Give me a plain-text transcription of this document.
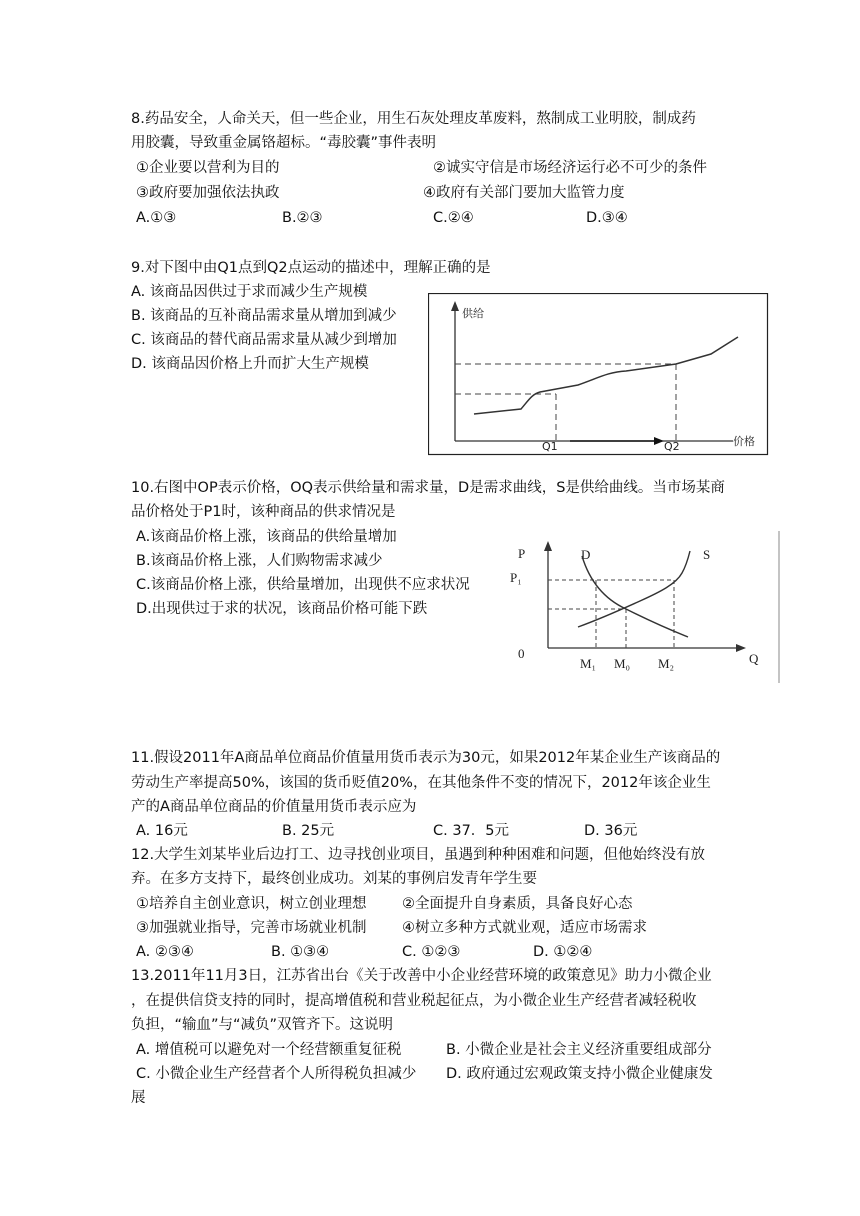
8.药品安全，人命关天，但一些企业，用生石灰处理皮革废料，熬制成工业明胶，制成药
用胶囊，导致重金属铬超标。“毒胶囊”事件表明
①企业要以营利为目的	②诚实守信是市场经济运行必不可少的条件
③政府要加强依法执政	④政府有关部门要加大监管力度
A.①③	B.②③	C.②④	D.③④
9.对下图中由Q1点到Q2点运动的描述中，理解正确的是
A. 该商品因供过于求而减少生产规模
B. 该商品的互补商品需求量从增加到减少
C. 该商品的替代商品需求量从减少到增加
D. 该商品因价格上升而扩大生产规模
供给
价格
Q1	Q2
10.右图中OP表示价格，OQ表示供给量和需求量，D是需求曲线，S是供给曲线。当市场某商
品价格处于P1时，该种商品的供求情况是
A.该商品价格上涨，该商品的供给量增加
B.该商品价格上涨，人们购物需求减少
C.该商品价格上涨，供给量增加，出现供不应求状况
D.出现供过于求的状况，该商品价格可能下跌
P
P₁
0
D	S
Q
M₁ M₀ M₂
11.假设2011年A商品单位商品价值量用货币表示为30元，如果2012年某企业生产该商品的
劳动生产率提高50%，该国的货币贬值20%，在其他条件不变的情况下，2012年该企业生
产的A商品单位商品的价值量用货币表示应为
A. 16元	B. 25元	C. 37．5元	D. 36元
12.大学生刘某毕业后边打工、边寻找创业项目，虽遇到种种困难和问题，但他始终没有放
弃。在多方支持下，最终创业成功。刘某的事例启发青年学生要
①培养自主创业意识，树立创业理想 ②全面提升自身素质，具备良好心态
③加强就业指导，完善市场就业机制 ④树立多种方式就业观，适应市场需求
A. ②③④	B. ①③④	C. ①②③	D. ①②④
13.2011年11月3日，江苏省出台《关于改善中小企业经营环境的政策意见》助力小微企业
，在提供信贷支持的同时，提高增值税和营业税起征点，为小微企业生产经营者减轻税收
负担，“输血”与“减负”双管齐下。这说明
A. 增值税可以避免对一个经营额重复征税	B. 小微企业是社会主义经济重要组成部分
C. 小微企业生产经营者个人所得税负担减少 D. 政府通过宏观政策支持小微企业健康发
展
